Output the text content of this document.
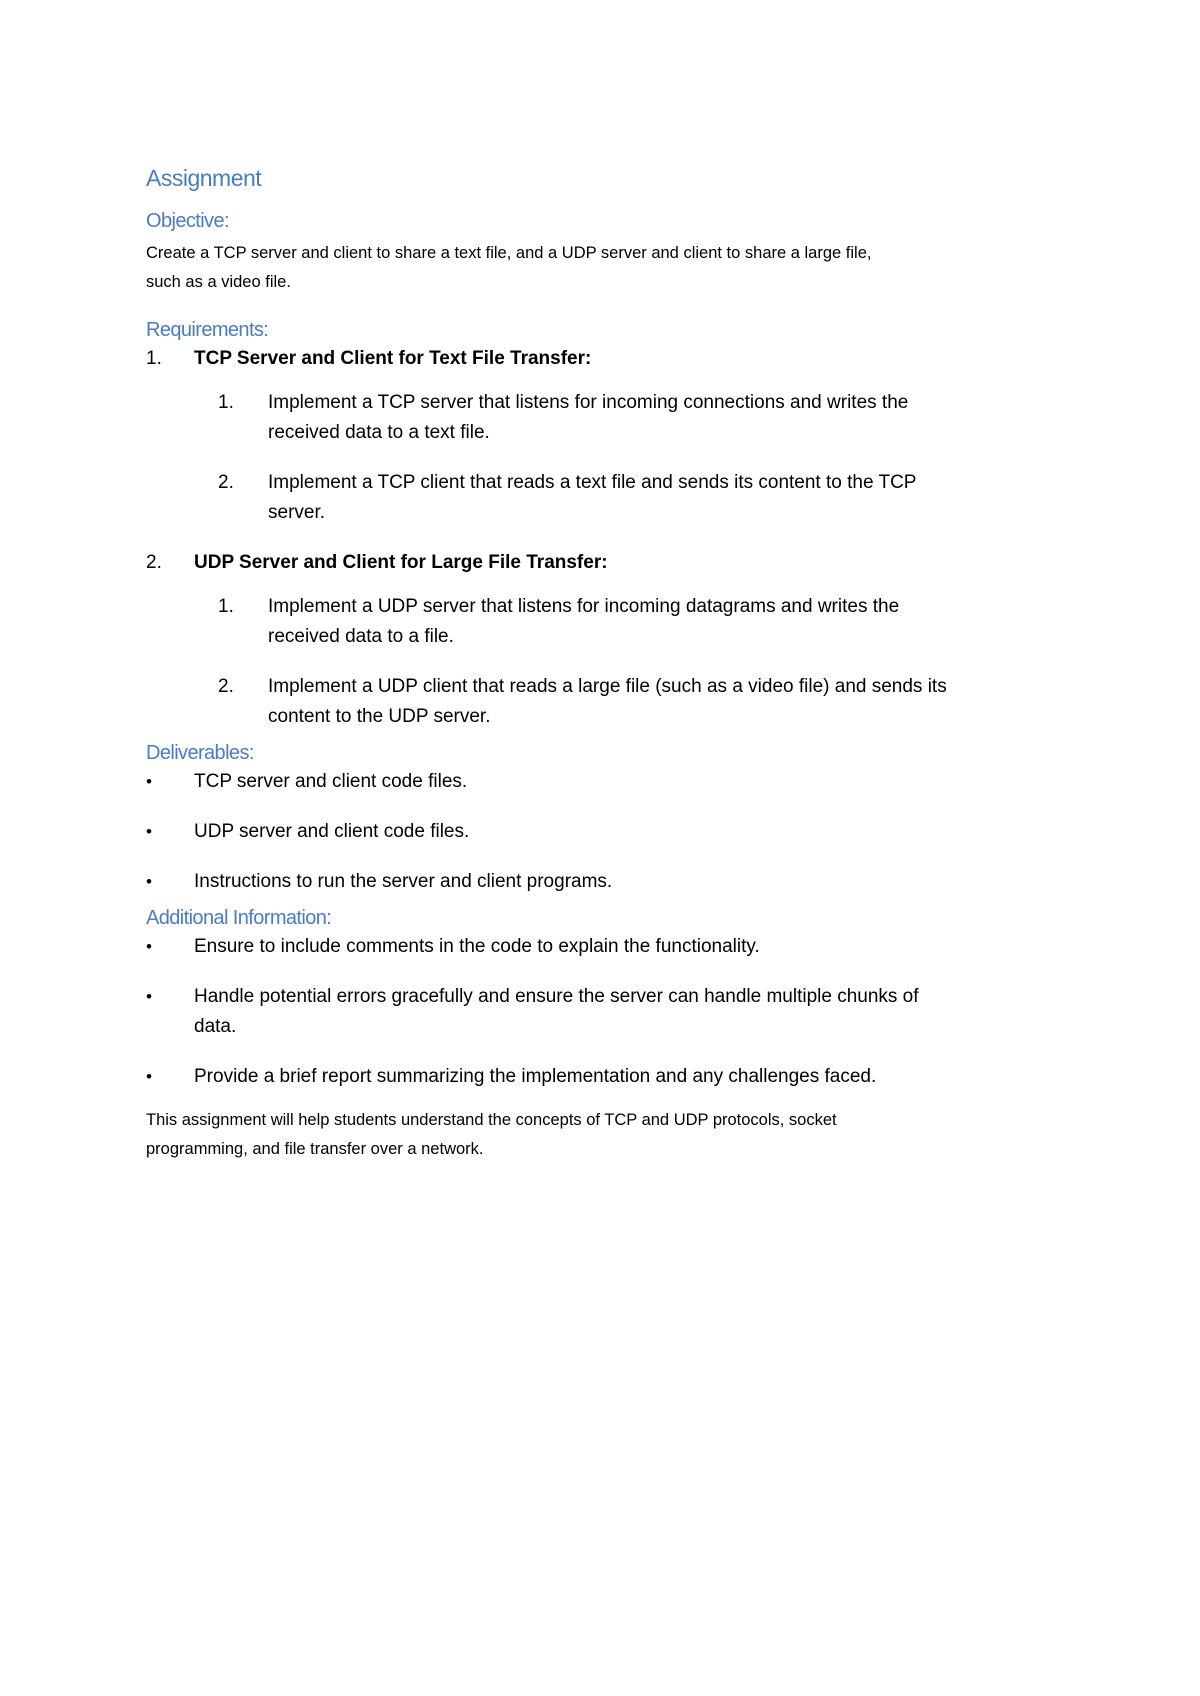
Assignment
Objective:

Create a TCP server and client to share a text file, and a UDP server and client to share a large file,

such as a video file.

Requirements:
1.	TCP Server and Client for Text File Transfer:
1.	Implement a TCP server that listens for incoming connections and writes the
received data to a text file.
2.	Implement a TCP client that reads a text file and sends its content to the TCP
server.
2.	UDP Server and Client for Large File Transfer:
1.	Implement a UDP server that listens for incoming datagrams and writes the
received data to a file.
2.	Implement a UDP client that reads a large file (such as a video file) and sends its
content to the UDP server.
Deliverables:
•	TCP server and client code files.
•	UDP server and client code files.
•	Instructions to run the server and client programs.
Additional Information:
•	Ensure to include comments in the code to explain the functionality.
•	Handle potential errors gracefully and ensure the server can handle multiple chunks of
data.
•	Provide a brief report summarizing the implementation and any challenges faced.

This assignment will help students understand the concepts of TCP and UDP protocols, socket

programming, and file transfer over a network.
